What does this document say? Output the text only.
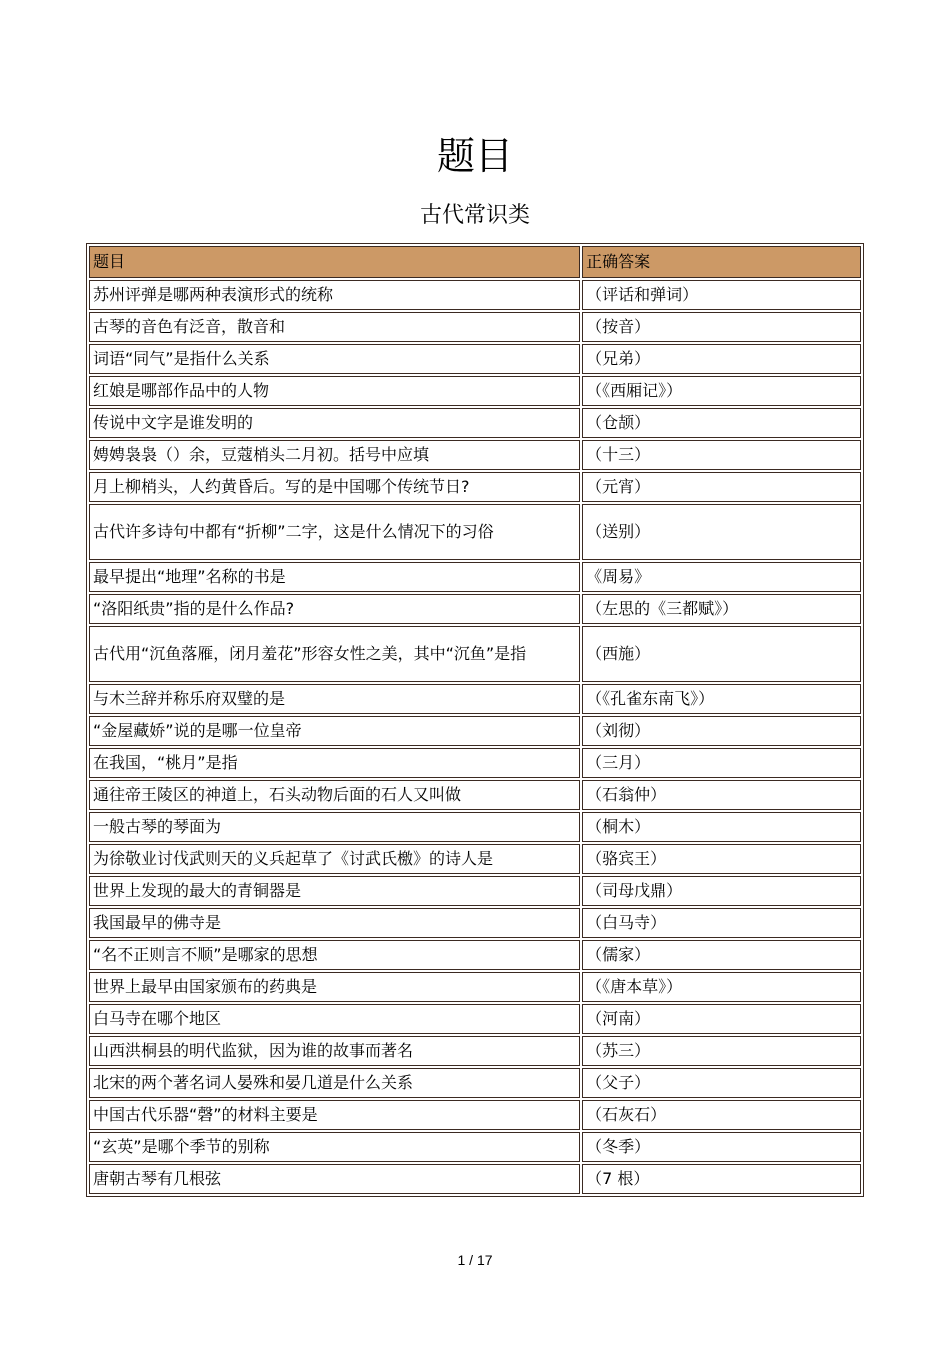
题目
古代常识类
题目	正确答案
苏州评弹是哪两种表演形式的统称	（评话和弹词）
古琴的音色有泛音，散音和	（按音）
词语“同气”是指什么关系	（兄弟）
红娘是哪部作品中的人物	（《西厢记》）
传说中文字是谁发明的	（仓颉）
娉娉袅袅（）余，豆蔻梢头二月初。括号中应填	（十三）
月上柳梢头，人约黄昏后。写的是中国哪个传统节日?	（元宵）
古代许多诗句中都有“折柳”二字，这是什么情况下的习俗	（送别）
最早提出“地理”名称的书是	《周易》
“洛阳纸贵”指的是什么作品?	（左思的《三都赋》）
古代用“沉鱼落雁，闭月羞花”形容女性之美，其中“沉鱼”是指	（西施）
与木兰辞并称乐府双璧的是	（《孔雀东南飞》）
“金屋藏娇”说的是哪一位皇帝	（刘彻）
在我国，“桃月”是指	（三月）
通往帝王陵区的神道上，石头动物后面的石人又叫做	（石翁仲）
一般古琴的琴面为	（桐木）
为徐敬业讨伐武则天的义兵起草了《讨武氏檄》的诗人是	（骆宾王）
世界上发现的最大的青铜器是	（司母戊鼎）
我国最早的佛寺是	（白马寺）
“名不正则言不顺”是哪家的思想	（儒家）
世界上最早由国家颁布的药典是	（《唐本草》）
白马寺在哪个地区	（河南）
山西洪桐县的明代监狱，因为谁的故事而著名	（苏三）
北宋的两个著名词人晏殊和晏几道是什么关系	（父子）
中国古代乐器“磬”的材料主要是	（石灰石）
“玄英”是哪个季节的别称	（冬季）
唐朝古琴有几根弦	（7 根）
1 / 17
